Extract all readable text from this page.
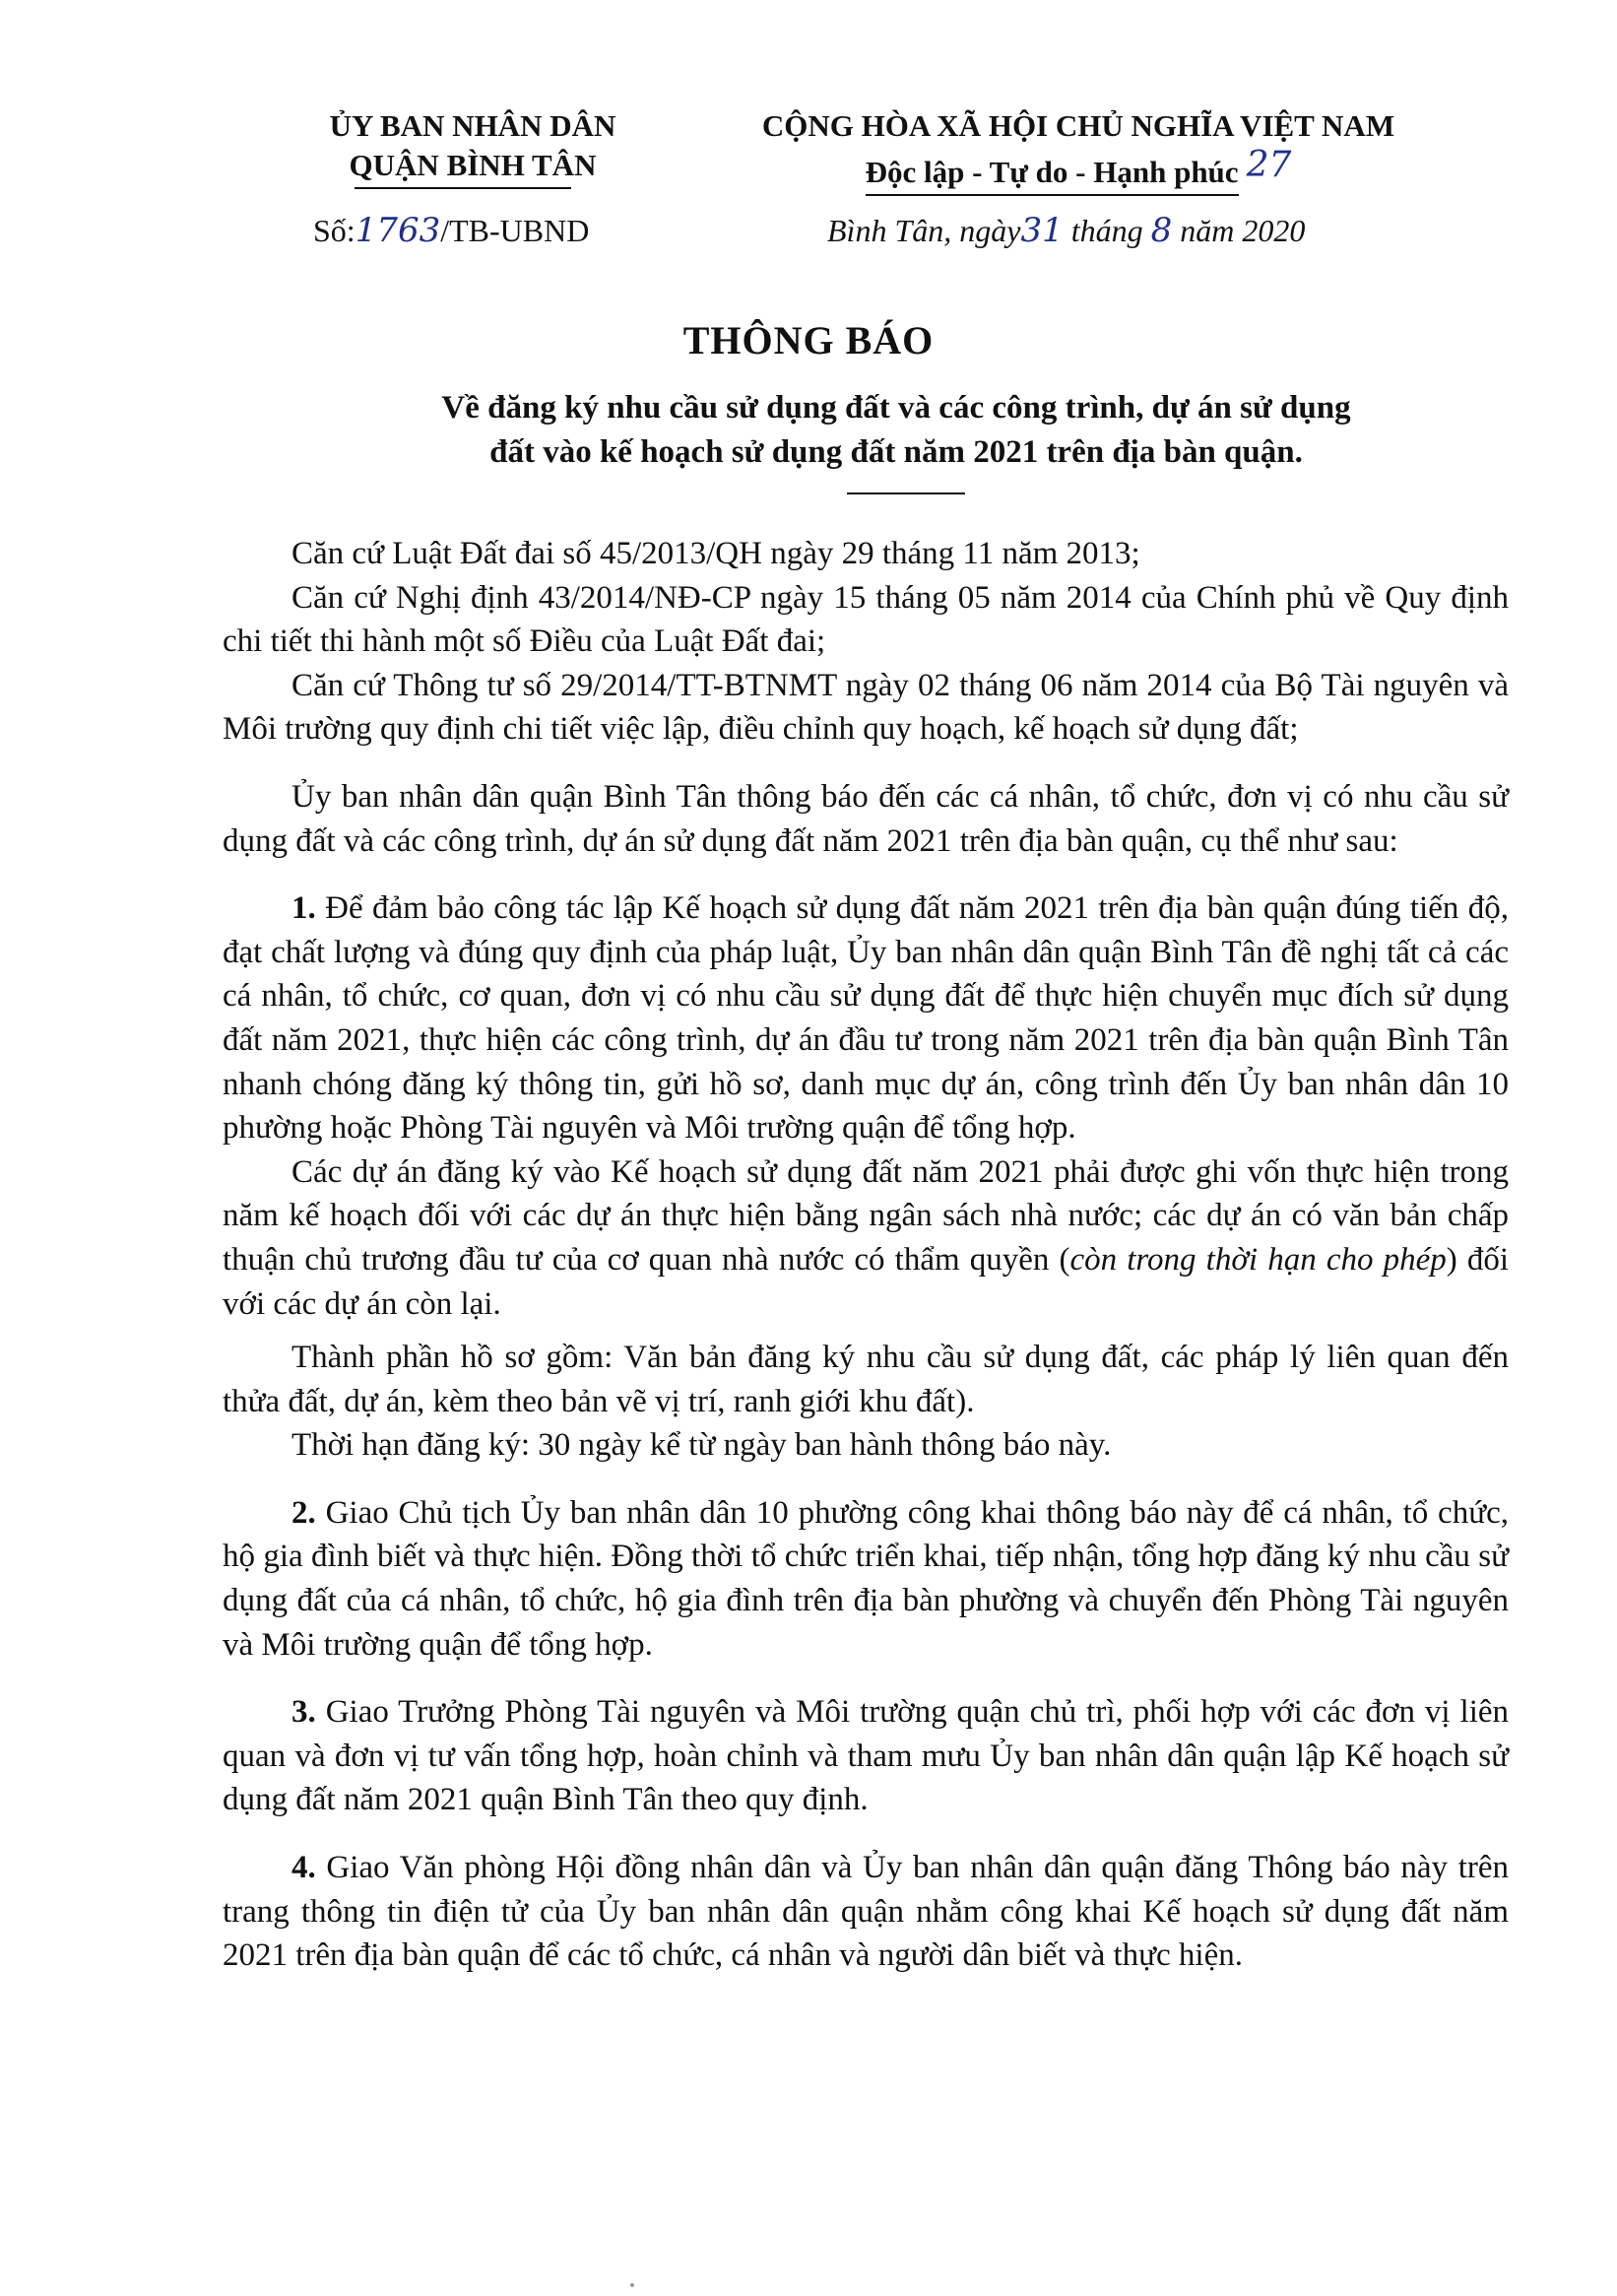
ỦY BAN NHÂN DÂN
QUẬN BÌNH TÂN
CỘNG HÒA XÃ HỘI CHỦ NGHĨA VIỆT NAM
Độc lập - Tự do - Hạnh phúc 27
Số:1763/TB-UBND	Bình Tân, ngày31 tháng 8 năm 2020
THÔNG BÁO
Về đăng ký nhu cầu sử dụng đất và các công trình, dự án sử dụng
đất vào kế hoạch sử dụng đất năm 2021 trên địa bàn quận.

Căn cứ Luật Đất đai số 45/2013/QH ngày 29 tháng 11 năm 2013;

Căn cứ Nghị định 43/2014/NĐ-CP ngày 15 tháng 05 năm 2014 của Chính phủ về Quy định chi tiết thi hành một số Điều của Luật Đất đai;

Căn cứ Thông tư số 29/2014/TT-BTNMT ngày 02 tháng 06 năm 2014 của Bộ Tài nguyên và Môi trường quy định chi tiết việc lập, điều chỉnh quy hoạch, kế hoạch sử dụng đất;

Ủy ban nhân dân quận Bình Tân thông báo đến các cá nhân, tổ chức, đơn vị có nhu cầu sử dụng đất và các công trình, dự án sử dụng đất năm 2021 trên địa bàn quận, cụ thể như sau:

1. Để đảm bảo công tác lập Kế hoạch sử dụng đất năm 2021 trên địa bàn quận đúng tiến độ, đạt chất lượng và đúng quy định của pháp luật, Ủy ban nhân dân quận Bình Tân đề nghị tất cả các cá nhân, tổ chức, cơ quan, đơn vị có nhu cầu sử dụng đất để thực hiện chuyển mục đích sử dụng đất năm 2021, thực hiện các công trình, dự án đầu tư trong năm 2021 trên địa bàn quận Bình Tân nhanh chóng đăng ký thông tin, gửi hồ sơ, danh mục dự án, công trình đến Ủy ban nhân dân 10 phường hoặc Phòng Tài nguyên và Môi trường quận để tổng hợp.

Các dự án đăng ký vào Kế hoạch sử dụng đất năm 2021 phải được ghi vốn thực hiện trong năm kế hoạch đối với các dự án thực hiện bằng ngân sách nhà nước; các dự án có văn bản chấp thuận chủ trương đầu tư của cơ quan nhà nước có thẩm quyền (còn trong thời hạn cho phép) đối với các dự án còn lại.

Thành phần hồ sơ gồm: Văn bản đăng ký nhu cầu sử dụng đất, các pháp lý liên quan đến thửa đất, dự án, kèm theo bản vẽ vị trí, ranh giới khu đất).

Thời hạn đăng ký: 30 ngày kể từ ngày ban hành thông báo này.

2. Giao Chủ tịch Ủy ban nhân dân 10 phường công khai thông báo này để cá nhân, tổ chức, hộ gia đình biết và thực hiện. Đồng thời tổ chức triển khai, tiếp nhận, tổng hợp đăng ký nhu cầu sử dụng đất của cá nhân, tổ chức, hộ gia đình trên địa bàn phường và chuyển đến Phòng Tài nguyên và Môi trường quận để tổng hợp.

3. Giao Trưởng Phòng Tài nguyên và Môi trường quận chủ trì, phối hợp với các đơn vị liên quan và đơn vị tư vấn tổng hợp, hoàn chỉnh và tham mưu Ủy ban nhân dân quận lập Kế hoạch sử dụng đất năm 2021 quận Bình Tân theo quy định.

4. Giao Văn phòng Hội đồng nhân dân và Ủy ban nhân dân quận đăng Thông báo này trên trang thông tin điện tử của Ủy ban nhân dân quận nhằm công khai Kế hoạch sử dụng đất năm 2021 trên địa bàn quận để các tổ chức, cá nhân và người dân biết và thực hiện.
